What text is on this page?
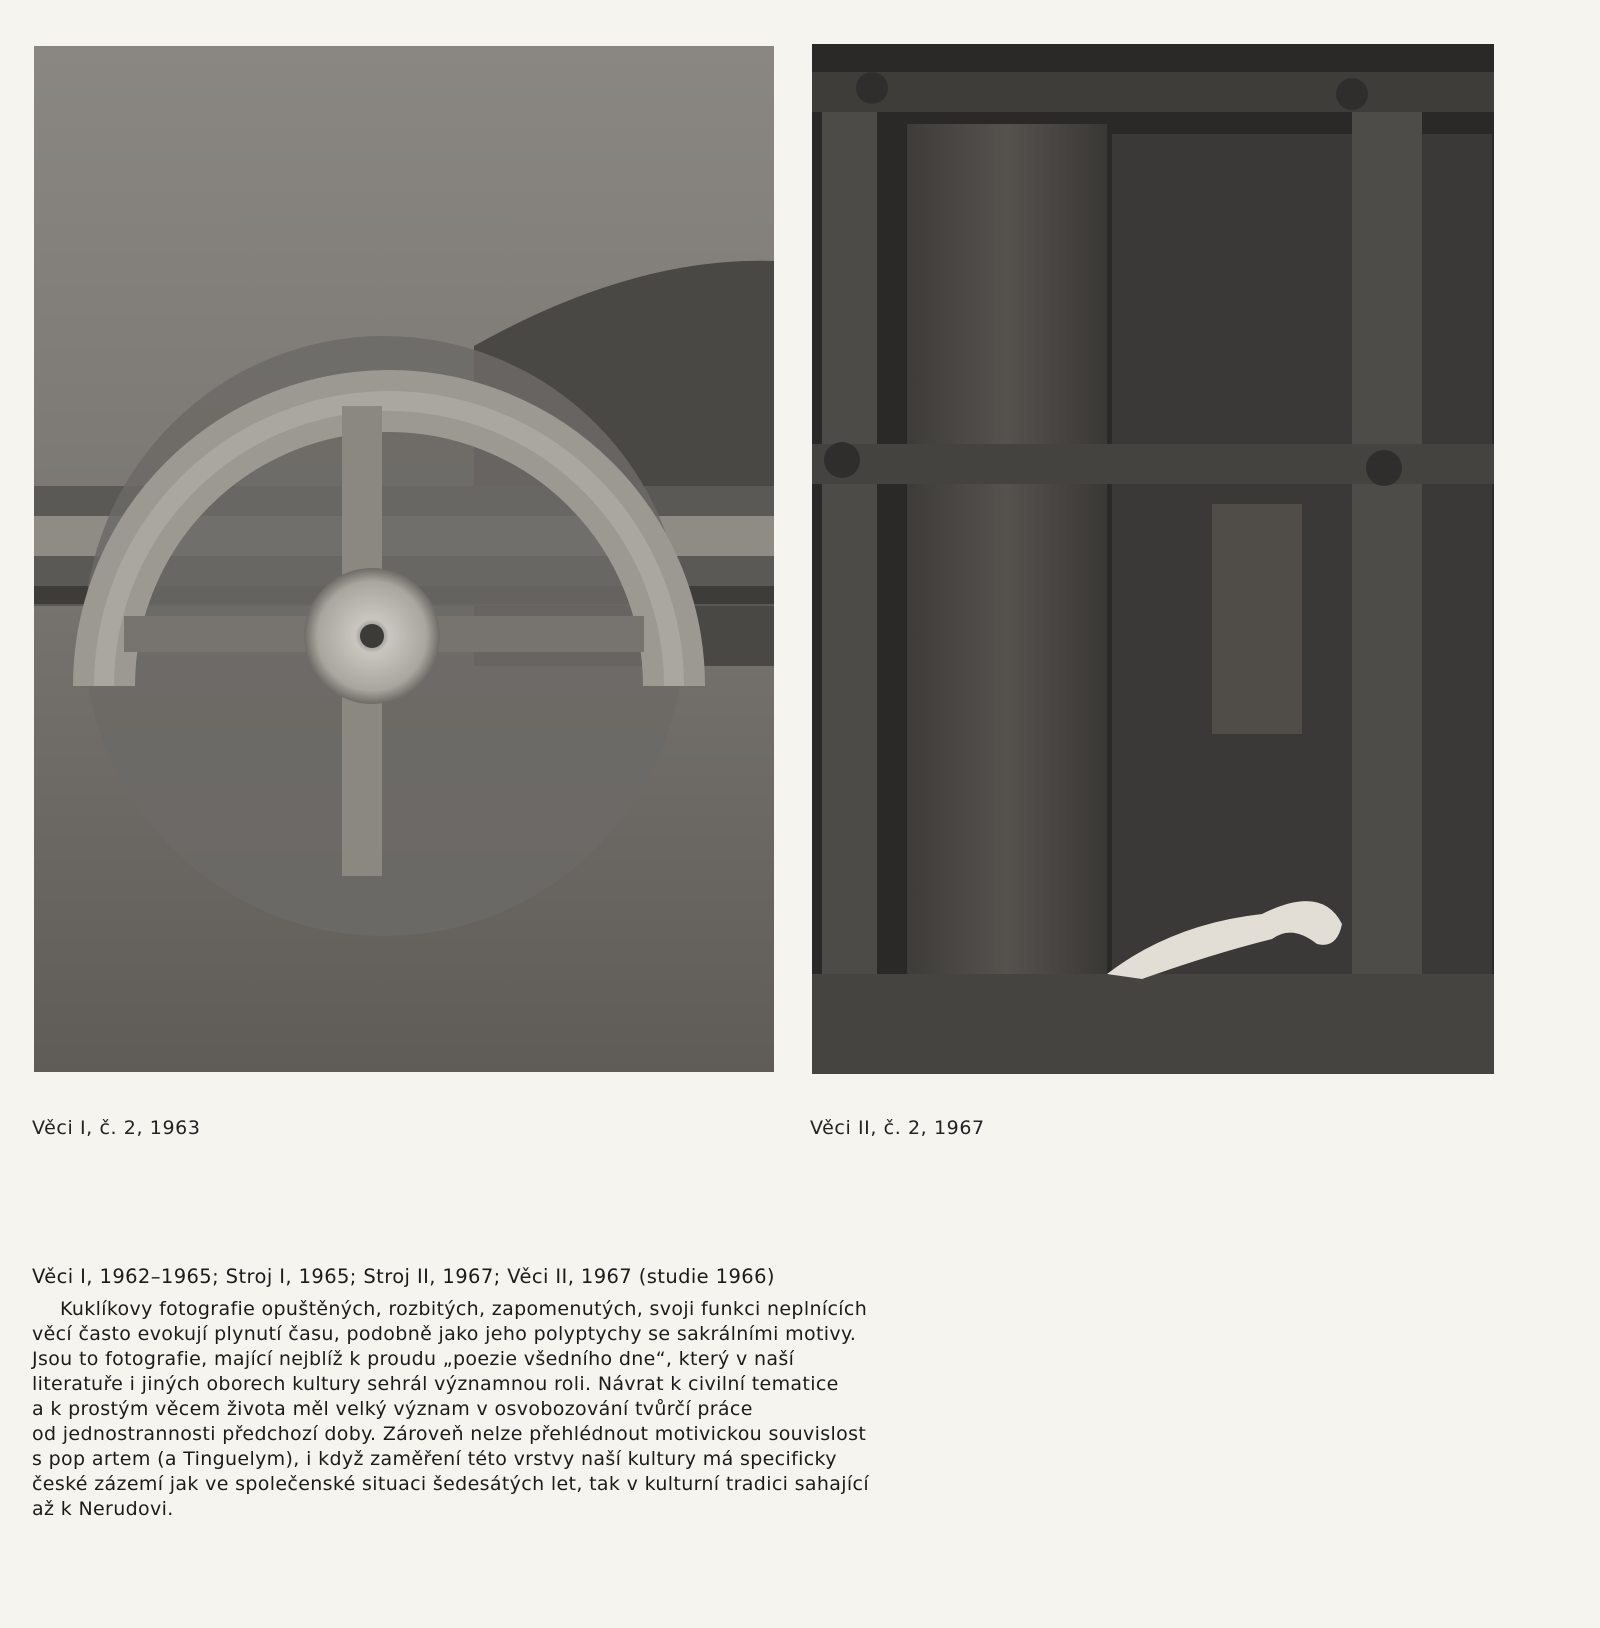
Věci I, č. 2, 1963	Věci II, č. 2, 1967
Věci I, 1962–1965; Stroj I, 1965; Stroj II, 1967; Věci II, 1967 (studie 1966)
Kuklíkovy fotografie opuštěných, rozbitých, zapomenutých, svoji funkci neplnících
věcí často evokují plynutí času, podobně jako jeho polyptychy se sakrálními motivy.
Jsou to fotografie, mající nejblíž k proudu „poezie všedního dne“, který v naší
literatuře i jiných oborech kultury sehrál významnou roli. Návrat k civilní tematice
a k prostým věcem života měl velký význam v osvobozování tvůrčí práce
od jednostrannosti předchozí doby. Zároveň nelze přehlédnout motivickou souvislost
s pop artem (a Tinguelym), i když zaměření této vrstvy naší kultury má specificky
české zázemí jak ve společenské situaci šedesátých let, tak v kulturní tradici sahající
až k Nerudovi.
